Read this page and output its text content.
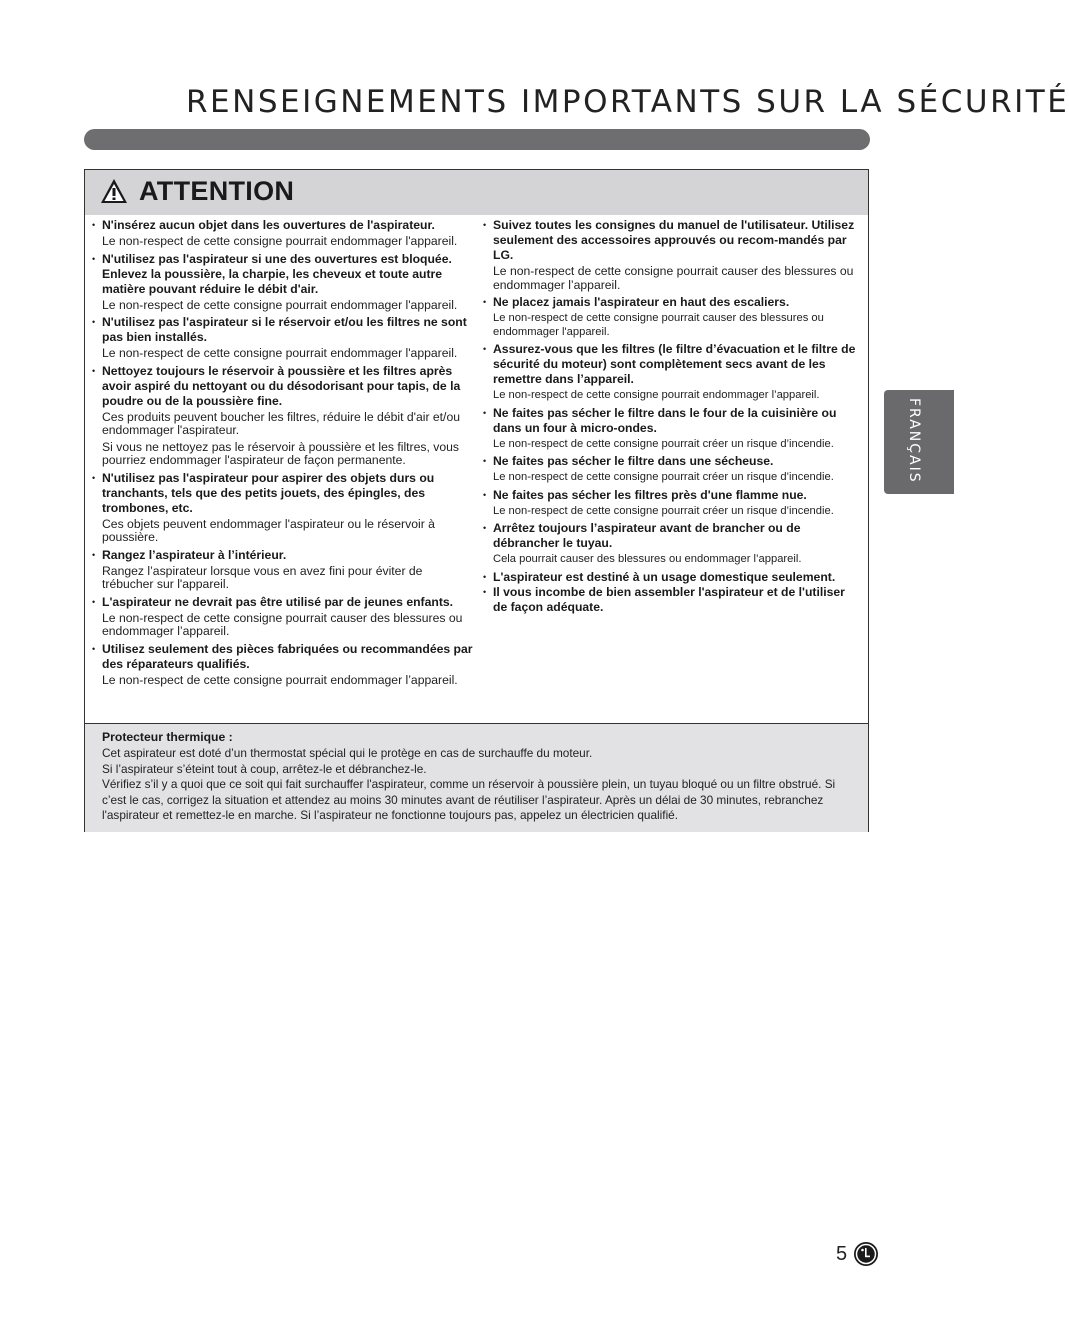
RENSEIGNEMENTS IMPORTANTS SUR LA SÉCURITÉ
FRANÇAIS
ATTENTION
• N'insérez aucun objet dans les ouvertures de l'aspirateur.
Le non-respect de cette consigne pourrait endommager l'appareil.
• N'utilisez pas l'aspirateur si une des ouvertures est bloquée. Enlevez la poussière, la charpie, les cheveux et toute autre matière pouvant réduire le débit d'air.
Le non-respect de cette consigne pourrait endommager l'appareil.
• N'utilisez pas l'aspirateur si le réservoir et/ou les filtres ne sont pas bien installés.
Le non-respect de cette consigne pourrait endommager l'appareil.
• Nettoyez toujours le réservoir à poussière et les filtres après avoir aspiré du nettoyant ou du désodorisant pour tapis, de la poudre ou de la poussière fine.
Ces produits peuvent boucher les filtres, réduire le débit d'air et/ou endommager l'aspirateur.
Si vous ne nettoyez pas le réservoir à poussière et les filtres, vous pourriez endommager l'aspirateur de façon permanente.
• N'utilisez pas l'aspirateur pour aspirer des objets durs ou tranchants, tels que des petits jouets, des épingles, des trombones, etc.
Ces objets peuvent endommager l'aspirateur ou le réservoir à poussière.
• Rangez l’aspirateur à l’intérieur.
Rangez l’aspirateur lorsque vous en avez fini pour éviter de trébucher sur l'appareil.
• L'aspirateur ne devrait pas être utilisé par de jeunes enfants.
Le non-respect de cette consigne pourrait causer des blessures ou endommager l’appareil.
• Utilisez seulement des pièces fabriquées ou recommandées par des réparateurs qualifiés.
Le non-respect de cette consigne pourrait endommager l’appareil.
• Suivez toutes les consignes du manuel de l'utilisateur. Utilisez seulement des accessoires approuvés ou recom-mandés par LG.
Le non-respect de cette consigne pourrait causer des blessures ou endommager l’appareil.
• Ne placez jamais l'aspirateur en haut des escaliers.
Le non-respect de cette consigne pourrait causer des blessures ou endommager l'appareil.
• Assurez-vous que les filtres (le filtre d’évacuation et le filtre de sécurité du moteur) sont complètement secs avant de les remettre dans l’appareil.
Le non-respect de cette consigne pourrait endommager l’appareil.
• Ne faites pas sécher le filtre dans le four de la cuisinière ou dans un four à micro-ondes.
Le non-respect de cette consigne pourrait créer un risque d’incendie.
• Ne faites pas sécher le filtre dans une sécheuse.
Le non-respect de cette consigne pourrait créer un risque d’incendie.
• Ne faites pas sécher les filtres près d'une flamme nue.
Le non-respect de cette consigne pourrait créer un risque d’incendie.
• Arrêtez toujours l’aspirateur avant de brancher ou de débrancher le tuyau.
Cela pourrait causer des blessures ou endommager l’appareil.
• L'aspirateur est destiné à un usage domestique seulement.
• Il vous incombe de bien assembler l'aspirateur et de l'utiliser de façon adéquate.
Protecteur thermique :
Cet aspirateur est doté d’un thermostat spécial qui le protège en cas de surchauffe du moteur.
Si l’aspirateur s’éteint tout à coup, arrêtez-le et débranchez-le.
Vérifiez s’il y a quoi que ce soit qui fait surchauffer l'aspirateur, comme un réservoir à poussière plein, un tuyau bloqué ou un filtre obstrué. Si c’est le cas, corrigez la situation et attendez au moins 30 minutes avant de réutiliser l’aspirateur. Après un délai de 30 minutes, rebranchez l'aspirateur et remettez-le en marche. Si l’aspirateur ne fonctionne toujours pas, appelez un électricien qualifié.
5
